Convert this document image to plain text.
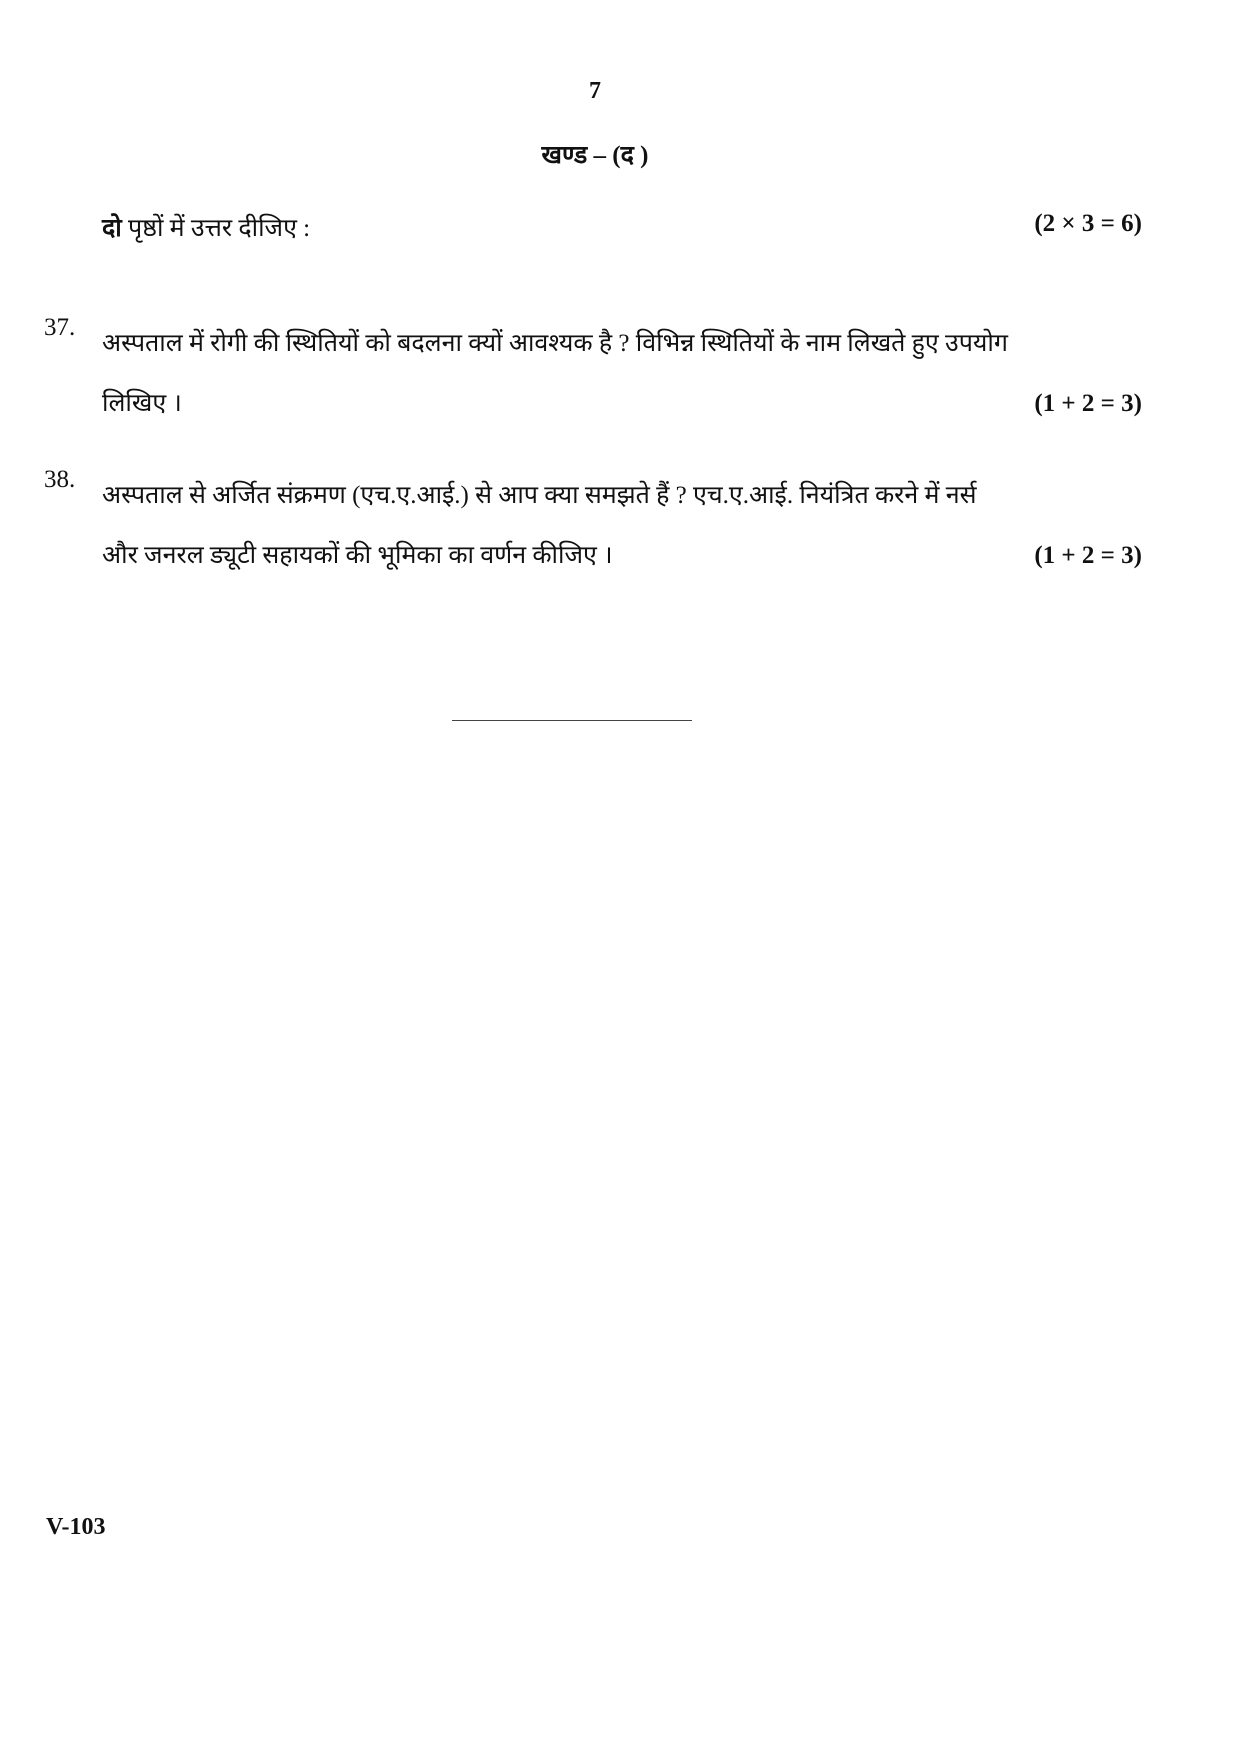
7
खण्ड – (द )
दो पृष्ठों में उत्तर दीजिए :	(2 × 3 = 6)
37.
अस्पताल में रोगी की स्थितियों को बदलना क्यों आवश्यक है ? विभिन्न स्थितियों के नाम लिखते हुए उपयोग
लिखिए ।	(1 + 2 = 3)
38.
अस्पताल से अर्जित संक्रमण (एच.ए.आई.) से आप क्या समझते हैं ? एच.ए.आई. नियंत्रित करने में नर्स
और जनरल ड्यूटी सहायकों की भूमिका का वर्णन कीजिए ।	(1 + 2 = 3)
V-103
